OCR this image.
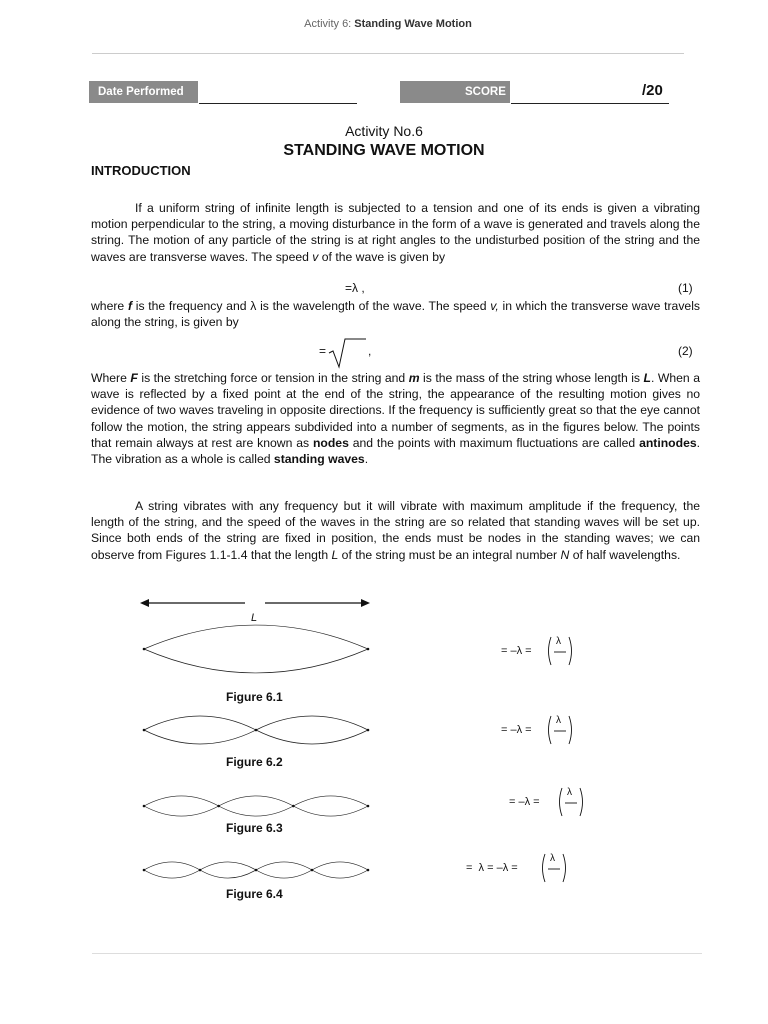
Activity 6: Standing Wave Motion
Date Performed	SCORE	/20
Activity No.6
STANDING WAVE MOTION
INTRODUCTION
If a uniform string of infinite length is subjected to a tension and one of its ends is given a vibrating motion perpendicular to the string, a moving disturbance in the form of a wave is generated and travels along the string. The motion of any particle of the string is at right angles to the undisturbed position of the string and the waves are transverse waves. The speed v of the wave is given by
=λ ,	(1)
where f is the frequency and λ is the wavelength of the wave. The speed v, in which the transverse wave travels along the string, is given by
=	,	(2)
Where F is the stretching force or tension in the string and m is the mass of the string whose length is L. When a wave is reflected by a fixed point at the end of the string, the appearance of the resulting motion gives no evidence of two waves traveling in opposite directions. If the frequency is sufficiently great so that the eye cannot follow the motion, the string appears subdivided into a number of segments, as in the figures below. The points that remain always at rest are known as nodes and the points with maximum fluctuations are called antinodes. The vibration as a whole is called standing waves.
A string vibrates with any frequency but it will vibrate with maximum amplitude if the frequency, the length of the string, and the speed of the waves in the string are so related that standing waves will be set up. Since both ends of the string are fixed in position, the ends must be nodes in the standing waves; we can observe from Figures 1.1-1.4 that the length L of the string must be an integral number N of half wavelengths.
L
Figure 6.1
= –λ =
λ
Figure 6.2
= –λ =
λ
Figure 6.3
= –λ =
λ
Figure 6.4
=  λ = –λ =
λ
